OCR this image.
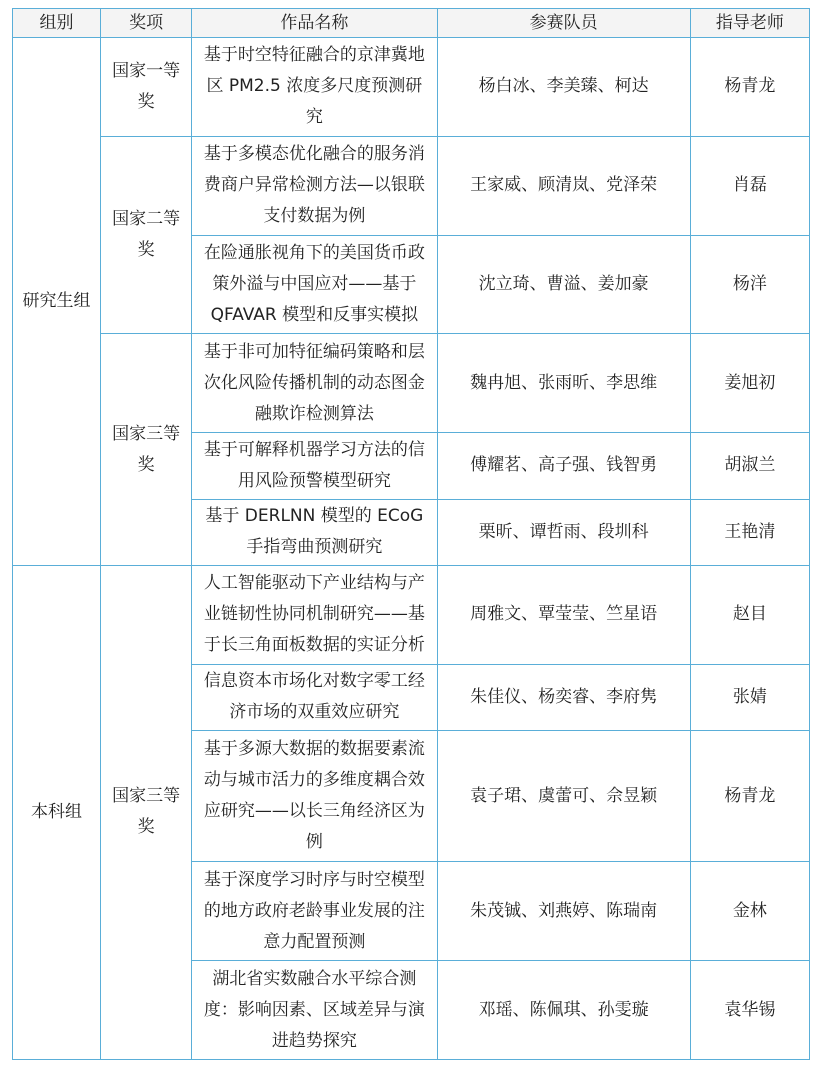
组别	奖项	作品名称	参赛队员	指导老师
研究生组	国家一等奖	基于时空特征融合的京津冀地区 PM2.5 浓度多尺度预测研究	杨白冰、李美臻、柯达	杨青龙
	国家二等奖	基于多模态优化融合的服务消费商户异常检测方法—以银联支付数据为例	王家威、顾清岚、党泽荣	肖磊
		在险通胀视角下的美国货币政策外溢与中国应对——基于 QFAVAR 模型和反事实模拟	沈立琦、曹溢、姜加豪	杨洋
	国家三等奖	基于非可加特征编码策略和层次化风险传播机制的动态图金融欺诈检测算法	魏冉旭、张雨昕、李思维	姜旭初
		基于可解释机器学习方法的信用风险预警模型研究	傅耀茗、高子强、钱智勇	胡淑兰
		基于 DERLNN 模型的 ECoG 手指弯曲预测研究	栗昕、谭哲雨、段圳科	王艳清
本科组	国家三等奖	人工智能驱动下产业结构与产业链韧性协同机制研究——基于长三角面板数据的实证分析	周雅文、覃莹莹、竺星语	赵目
		信息资本市场化对数字零工经济市场的双重效应研究	朱佳仪、杨奕睿、李府隽	张婧
		基于多源大数据的数据要素流动与城市活力的多维度耦合效应研究——以长三角经济区为例	袁子珺、虞蕾可、佘昱颖	杨青龙
		基于深度学习时序与时空模型的地方政府老龄事业发展的注意力配置预测	朱茂铖、刘燕婷、陈瑞南	金林
		湖北省实数融合水平综合测度：影响因素、区域差异与演进趋势探究	邓瑶、陈佩琪、孙雯璇	袁华锡
